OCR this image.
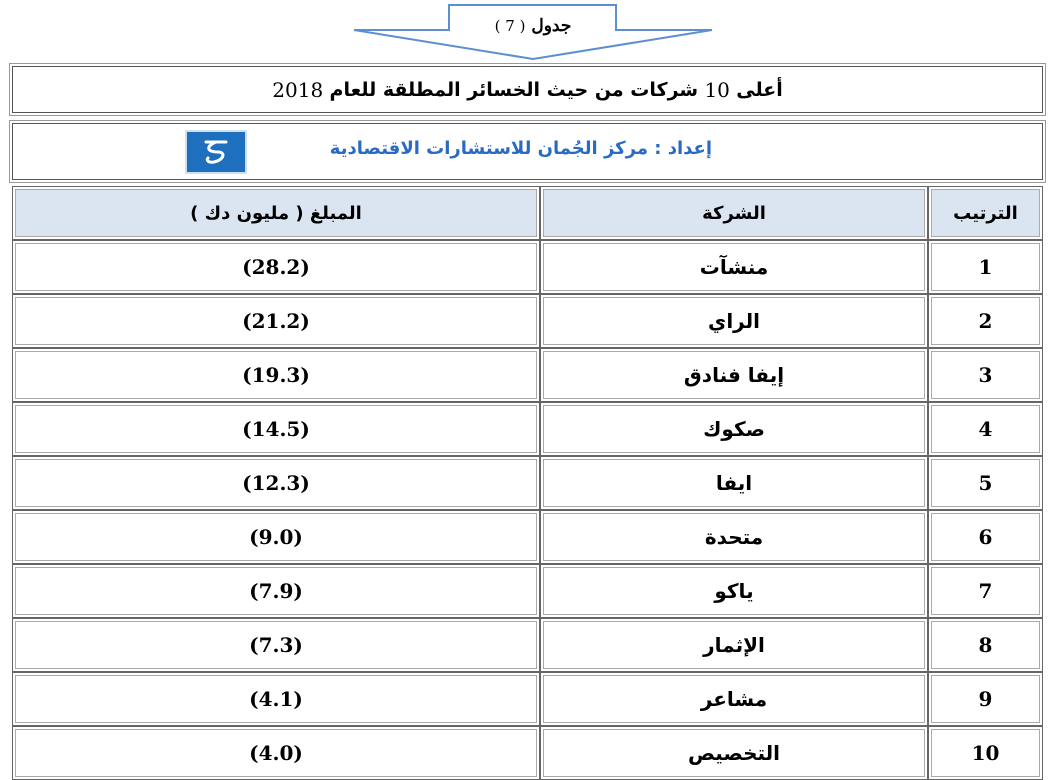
جدول ( 7 )
أعلى

10

شركات من حيث الخسائر المطلقة للعام

2018
إعداد : مركز الجُمان للاستشارات الاقتصادية
الترتيب	الشركة	المبلغ ( مليون دك )
1	منشآت	(28.2)
2	الراي	(21.2)
3	إيفا فنادق	(19.3)
4	صكوك	(14.5)
5	ايفا	(12.3)
6	متحدة	(9.0)
7	ياكو	(7.9)
8	الإثمار	(7.3)
9	مشاعر	(4.1)
10	التخصيص	(4.0)
